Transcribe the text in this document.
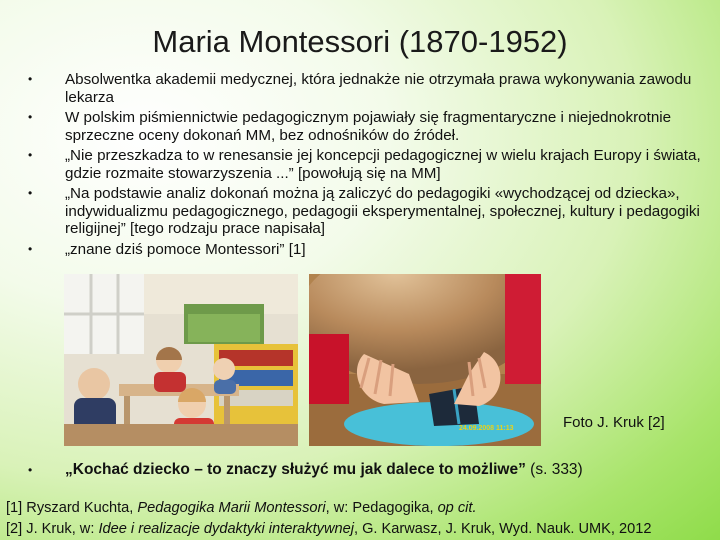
Maria Montessori (1870-1952)
• Absolwentka akademii medycznej, która jednakże nie otrzymała prawa wykonywania zawodu lekarza
• W polskim piśmiennictwie pedagogicznym pojawiały się fragmentaryczne i niejednokrotnie sprzeczne oceny dokonań MM, bez odnośników do źródeł.
• „Nie przeszkadza to w renesansie jej koncepcji pedagogicznej w wielu krajach Europy i świata, gdzie rozmaite stowarzyszenia ...” [powołują się na MM]
• „Na podstawie analiz dokonań można ją zaliczyć do pedagogiki «wychodzącej od dziecka», indywidualizmu pedagogicznego, pedagogii eksperymentalnej, społecznej, kultury i pedagogiki religijnej” [tego rodzaju prace napisała]
• „znane dziś pomoce Montessori” [1]
24.09.2008 11:13	Foto J. Kruk [2]
• „Kochać dziecko – to znaczy służyć mu jak dalece to możliwe” (s. 333)
[1] Ryszard Kuchta, Pedagogika Marii Montessori, w: Pedagogika, op cit.
[2] J. Kruk, w: Idee i realizacje dydaktyki interaktywnej, G. Karwasz, J. Kruk, Wyd. Nauk. UMK, 2012
